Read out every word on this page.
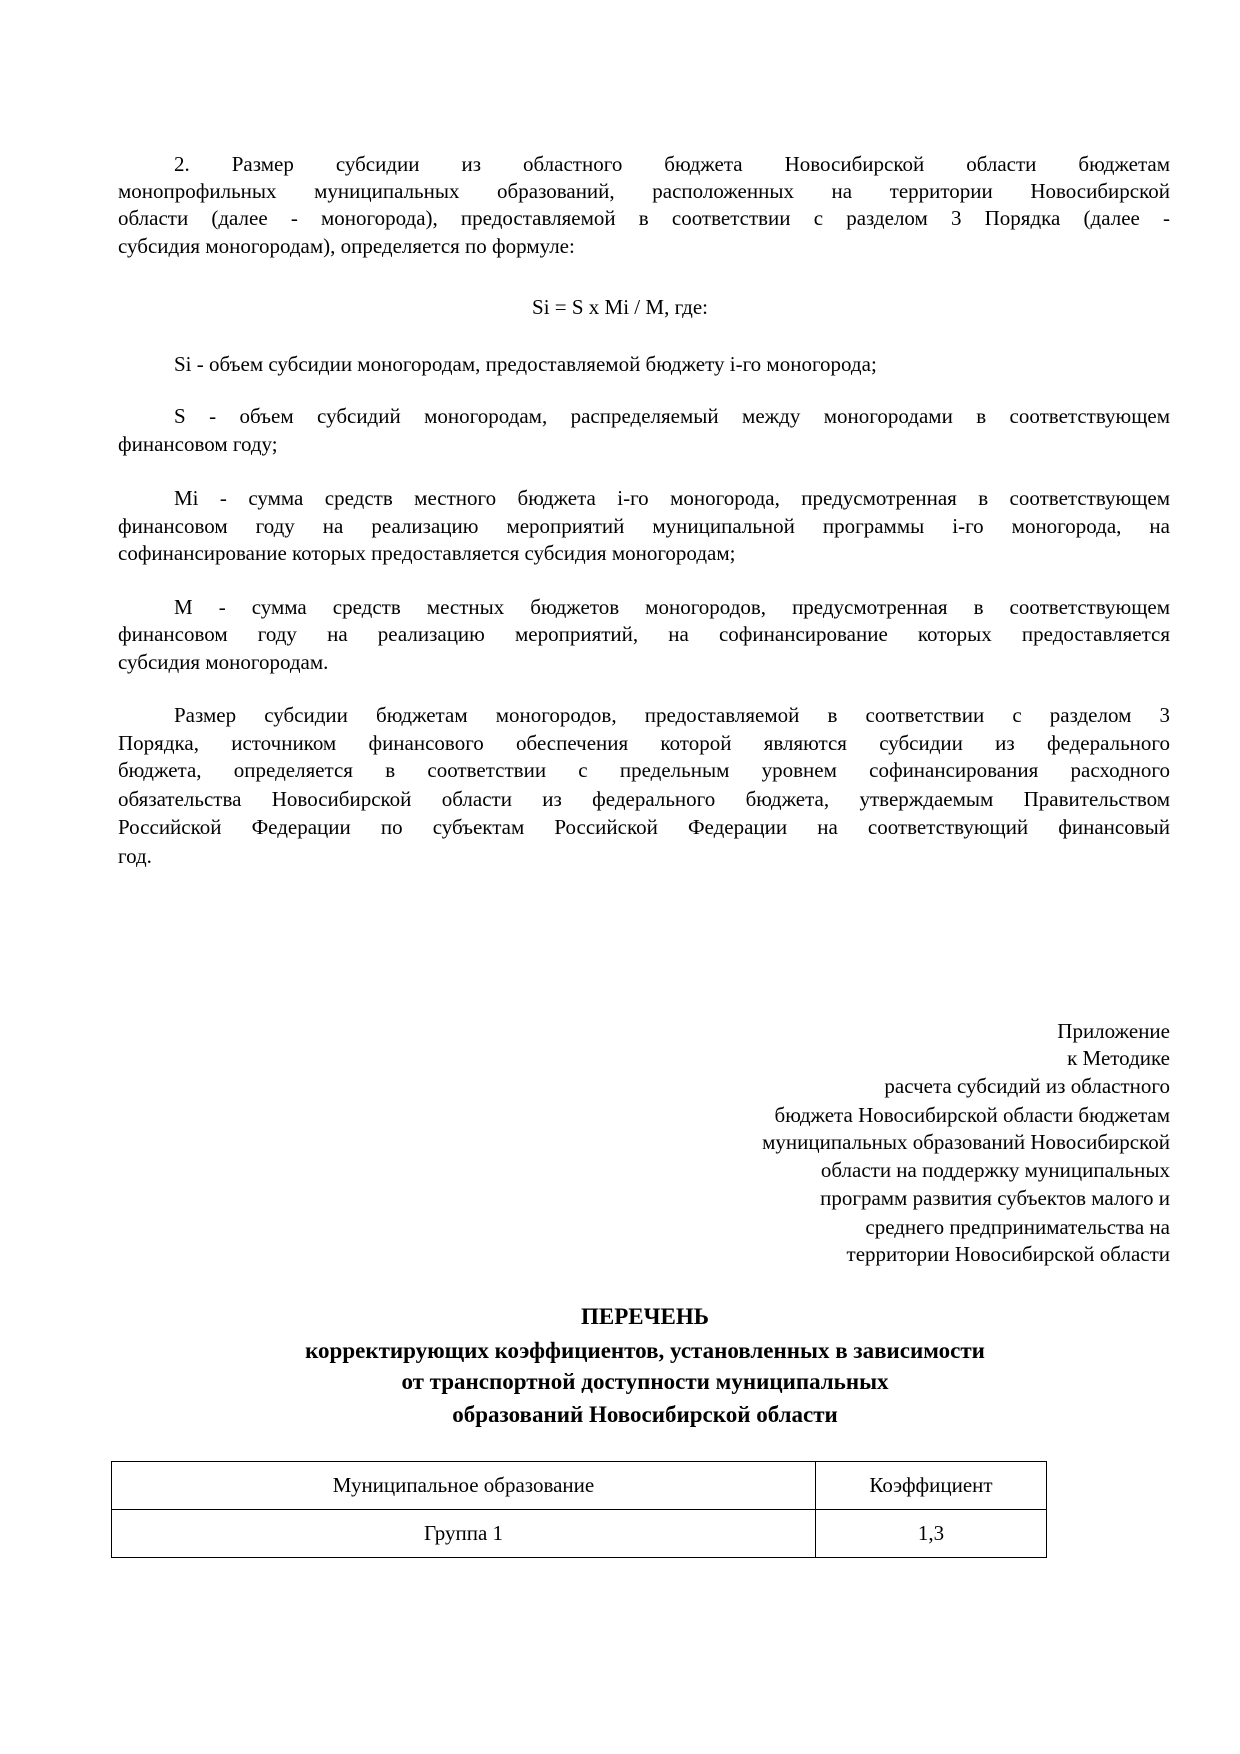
2. Размер субсидии из областного бюджета Новосибирской области бюджетам
монопрофильных муниципальных образований, расположенных на территории Новосибирской
области (далее - моногорода), предоставляемой в соответствии с разделом 3 Порядка (далее -
субсидия моногородам), определяется по формуле:
Si = S x Mi / M, где:
Si - объем субсидии моногородам, предоставляемой бюджету i-го моногорода;
S - объем субсидий моногородам, распределяемый между моногородами в соответствующем
финансовом году;
Mi - сумма средств местного бюджета i-го моногорода, предусмотренная в соответствующем
финансовом году на реализацию мероприятий муниципальной программы i-го моногорода, на
софинансирование которых предоставляется субсидия моногородам;
M - сумма средств местных бюджетов моногородов, предусмотренная в соответствующем
финансовом году на реализацию мероприятий, на софинансирование которых предоставляется
субсидия моногородам.
Размер субсидии бюджетам моногородов, предоставляемой в соответствии с разделом 3
Порядка, источником финансового обеспечения которой являются субсидии из федерального
бюджета, определяется в соответствии с предельным уровнем софинансирования расходного
обязательства Новосибирской области из федерального бюджета, утверждаемым Правительством
Российской Федерации по субъектам Российской Федерации на соответствующий финансовый
год.
Приложение
к Методике
расчета субсидий из областного
бюджета Новосибирской области бюджетам
муниципальных образований Новосибирской
области на поддержку муниципальных
программ развития субъектов малого и
среднего предпринимательства на
территории Новосибирской области
ПЕРЕЧЕНЬ
корректирующих коэффициентов, установленных в зависимости
от транспортной доступности муниципальных
образований Новосибирской области
Муниципальное образование	Коэффициент
Группа 1	1,3
